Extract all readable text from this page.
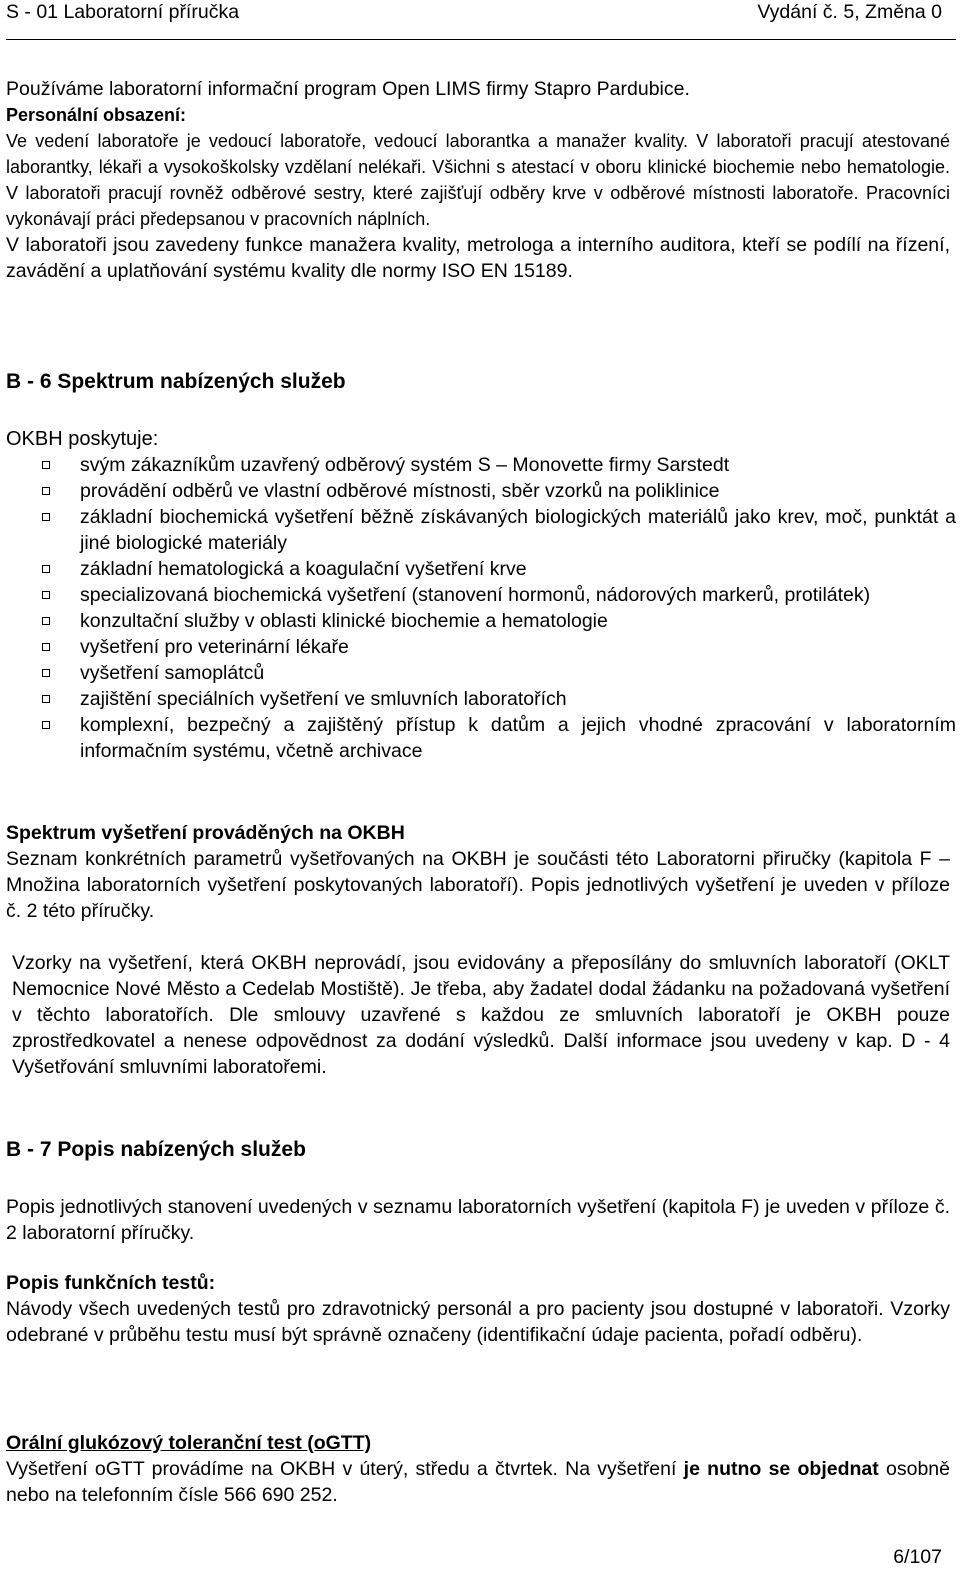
S - 01 Laboratorní příručka	Vydání č. 5, Změna 0

Používáme laboratorní informační program Open LIMS firmy Stapro Pardubice.

Personální obsazení:

Ve vedení laboratoře je vedoucí laboratoře, vedoucí laborantka a manažer kvality. V laboratoři pracují atestované laborantky, lékaři a vysokoškolsky vzdělaní nelékaři. Všichni s atestací v oboru klinické biochemie nebo hematologie. V laboratoři pracují rovněž odběrové sestry, které zajišťují odběry krve v odběrové místnosti laboratoře. Pracovníci vykonávají práci předepsanou v pracovních náplních.

V laboratoři jsou zavedeny funkce manažera kvality, metrologa a interního auditora, kteří se podílí na řízení, zavádění a uplatňování systému kvality dle normy ISO EN 15189.

B - 6 Spektrum nabízených služeb

OKBH poskytuje:

svým zákazníkům uzavřený odběrový systém S – Monovette firmy Sarstedt
provádění odběrů ve vlastní odběrové místnosti, sběr vzorků na poliklinice
základní biochemická vyšetření běžně získávaných biologických materiálů jako krev, moč, punktát a jiné biologické materiály
základní hematologická a koagulační vyšetření krve
specializovaná biochemická vyšetření (stanovení hormonů, nádorových markerů, protilátek)
konzultační služby v oblasti klinické biochemie a hematologie
vyšetření pro veterinární lékaře
vyšetření samoplátců
zajištění speciálních vyšetření ve smluvních laboratořích
komplexní, bezpečný a zajištěný přístup k datům a jejich vhodné zpracování v laboratorním informačním systému, včetně archivace

Spektrum vyšetření prováděných na OKBH

Seznam konkrétních parametrů vyšetřovaných na OKBH je součásti této Laboratorni přiručky (kapitola F – Množina laboratorních vyšetření poskytovaných laboratoří). Popis jednotlivých vyšetření je uveden v příloze č. 2 této příručky.

Vzorky na vyšetření, která OKBH neprovádí, jsou evidovány a přeposílány do smluvních laboratoří (OKLT Nemocnice Nové Město a Cedelab Mostiště). Je třeba, aby žadatel dodal žádanku na požadovaná vyšetření v těchto laboratořích. Dle smlouvy uzavřené s každou ze smluvních laboratoří je OKBH pouze zprostředkovatel a nenese odpovědnost za dodání výsledků. Další informace jsou uvedeny v kap. D - 4 Vyšetřování smluvními laboratořemi.

B - 7 Popis nabízených služeb

Popis jednotlivých stanovení uvedených v seznamu laboratorních vyšetření (kapitola F) je uveden v příloze č. 2 laboratorní příručky.

Popis funkčních testů:

Návody všech uvedených testů pro zdravotnický personál a pro pacienty jsou dostupné v laboratoři. Vzorky odebrané v průběhu testu musí být správně označeny (identifikační údaje pacienta, pořadí odběru).

Orální glukózový toleranční test (oGTT)

Vyšetření oGTT provádíme na OKBH v úterý, středu a čtvrtek. Na vyšetření je nutno se objednat osobně nebo na telefonním čísle 566 690 252.

6/107
